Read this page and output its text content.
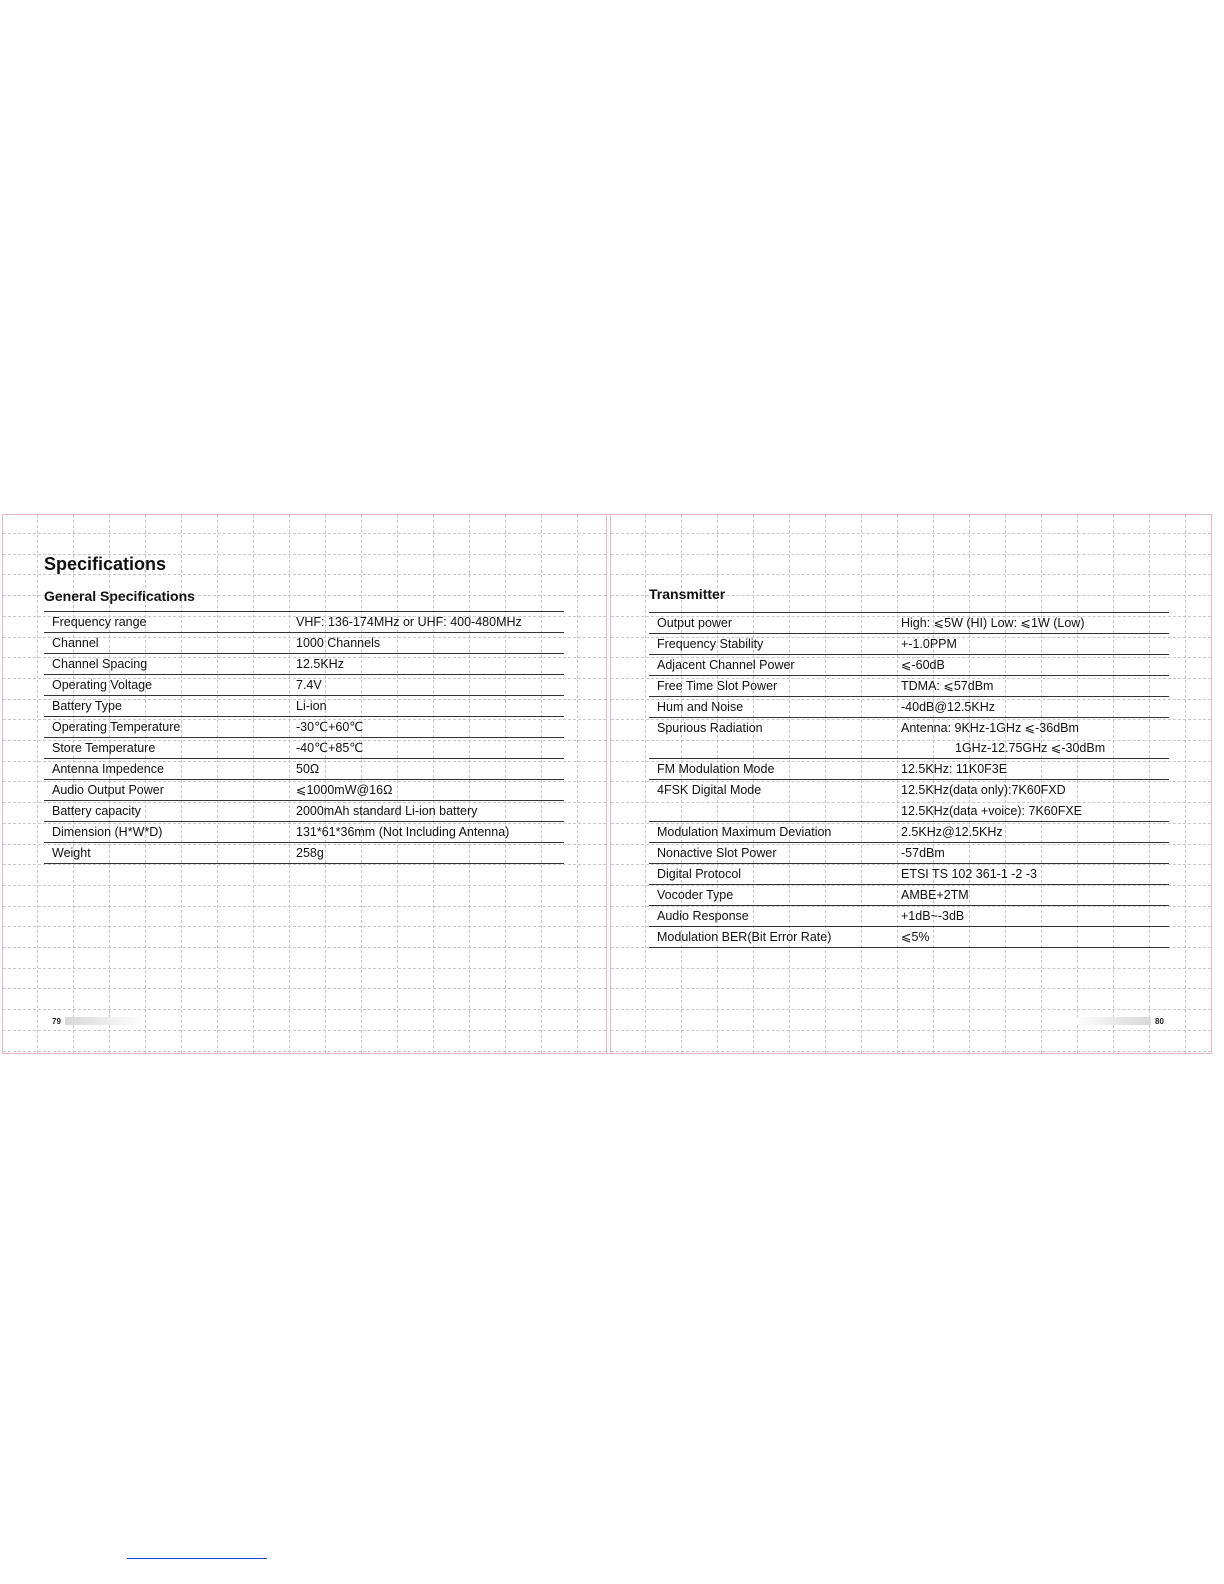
Specifications
General Specifications
Frequency range	VHF: 136-174MHz or UHF: 400-480MHz
Channel	1000 Channels
Channel Spacing	12.5KHz
Operating Voltage	7.4V
Battery Type	Li-ion
Operating Temperature	-30℃+60℃
Store Temperature	-40℃+85℃
Antenna Impedence	50Ω
Audio Output Power	⩽1000mW@16Ω
Battery capacity	2000mAh standard Li-ion battery
Dimension (H*W*D)	131*61*36mm (Not Including Antenna)
Weight	258g
79
Transmitter
Output power	High: ⩽5W (HI) Low: ⩽1W (Low)
Frequency Stability	+-1.0PPM
Adjacent Channel Power	⩽-60dB
Free Time Slot Power	TDMA: ⩽57dBm
Hum and Noise	-40dB@12.5KHz
Spurious Radiation	Antenna: 9KHz-1GHz ⩽-36dBm
	1GHz-12.75GHz ⩽-30dBm
FM Modulation Mode	12.5KHz: 11K0F3E
4FSK Digital Mode	12.5KHz(data only):7K60FXD
	12.5KHz(data +voice): 7K60FXE
Modulation Maximum Deviation	2.5KHz@12.5KHz
Nonactive Slot Power	-57dBm
Digital Protocol	ETSI TS 102 361-1 -2 -3
Vocoder Type	AMBE+2TM
Audio Response	+1dB~-3dB
Modulation BER(Bit Error Rate)	⩽5%
80
